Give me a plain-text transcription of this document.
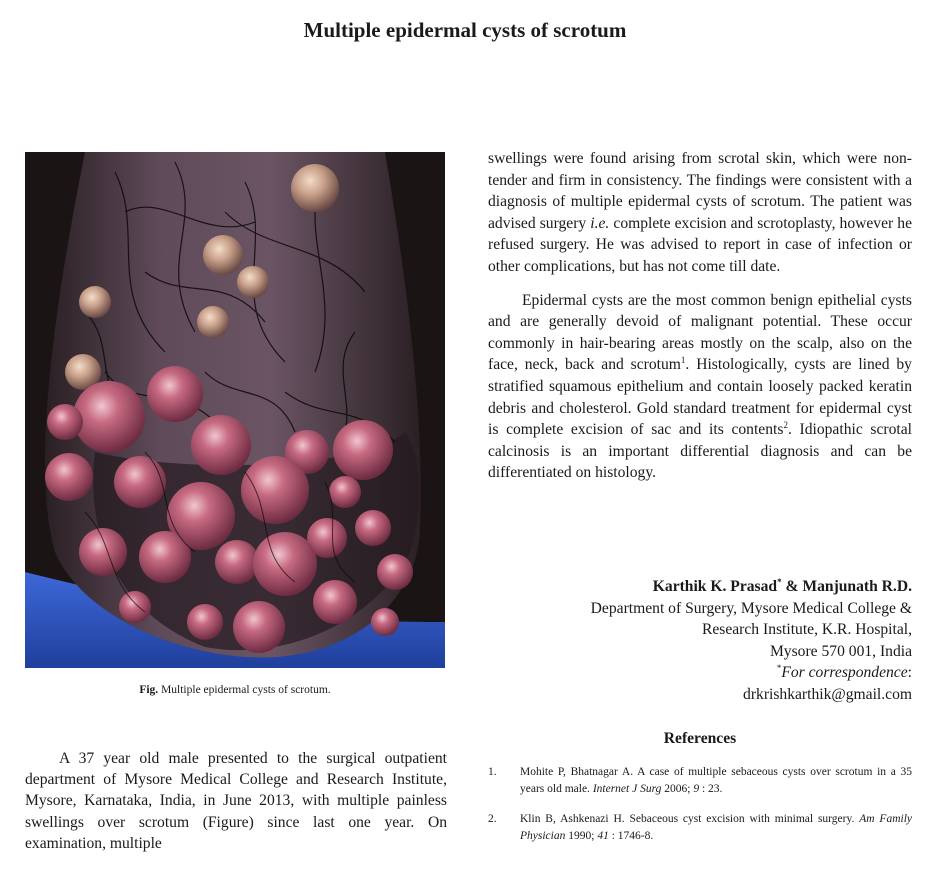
Multiple epidermal cysts of scrotum
Fig. Multiple epidermal cysts of scrotum.

A 37 year old male presented to the surgical outpatient department of Mysore Medical College and Research Institute, Mysore, Karnataka, India, in June 2013, with multiple painless swellings over scrotum (Figure) since last one year. On examination, multiple

swellings were found arising from scrotal skin, which were non-tender and firm in consistency. The findings were consistent with a diagnosis of multiple epidermal cysts of scrotum. The patient was advised surgery i.e. complete excision and scrotoplasty, however he refused surgery. He was advised to report in case of infection or other complications, but has not come till date.

Epidermal cysts are the most common benign epithelial cysts and are generally devoid of malignant potential. These occur commonly in hair-bearing areas mostly on the scalp, also on the face, neck, back and scrotum$^1$. Histologically, cysts are lined by stratified squamous epithelium and contain loosely packed keratin debris and cholesterol. Gold standard treatment for epidermal cyst is complete excision of sac and its contents$^2$. Idiopathic scrotal calcinosis is an important differential diagnosis and can be differentiated on histology.

Karthik K. Prasad* & Manjunath R.D.
Department of Surgery, Mysore Medical College &
Research Institute, K.R. Hospital,
Mysore 570 001, India
*For correspondence:
drkrishkarthik@gmail.com
References
1. Mohite P, Bhatnagar A. A case of multiple sebaceous cysts over scrotum in a 35 years old male. Internet J Surg 2006; 9 : 23.
2. Klin B, Ashkenazi H. Sebaceous cyst excision with minimal surgery. Am Family Physician 1990; 41 : 1746-8.
